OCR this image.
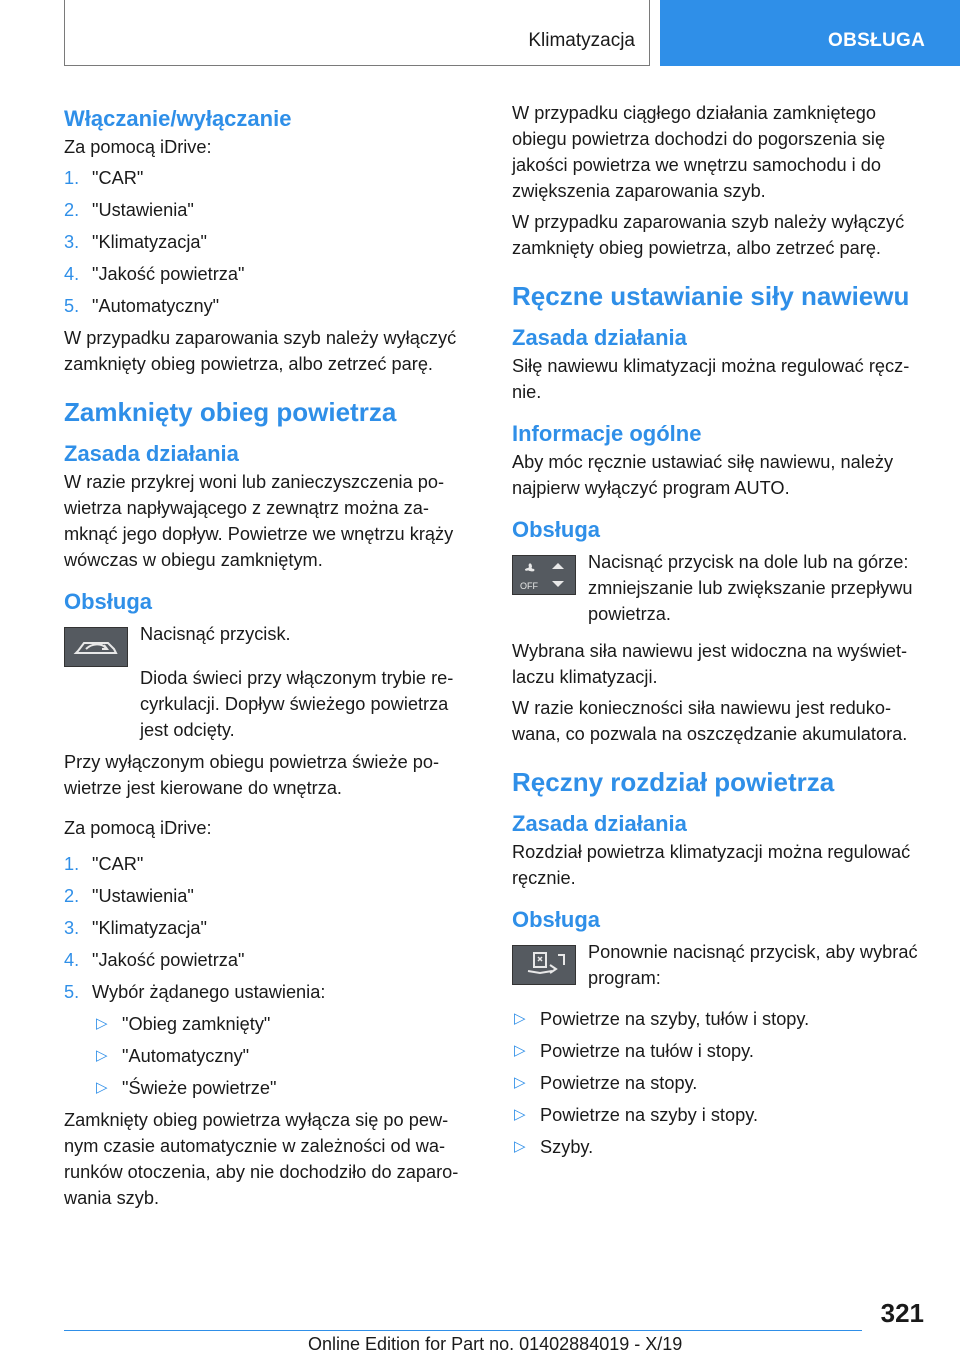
Klimatyzacja	OBSŁUGA
Włączanie/wyłączanie

Za pomocą iDrive:

1. "CAR"
2. "Ustawienia"
3. "Klimatyzacja"
4. "Jakość powietrza"
5. "Automatyczny"

W przypadku zaparowania szyb należy wyłączyć zamknięty obieg powietrza, albo zetrzeć parę.

Zamknięty obieg powietrza
Zasada działania

W razie przykrej woni lub zanieczyszczenia powietrza napływającego z zewnątrz można zamknąć jego dopływ. Powietrze we wnętrzu krąży wówczas w obiegu zamkniętym.

Obsługa

Nacisnąć przycisk.

Dioda świeci przy włączonym trybie recyrkulacji. Dopływ świeżego powietrza jest odcięty.

Przy wyłączonym obiegu powietrza świeże powietrze jest kierowane do wnętrza.

Za pomocą iDrive:

1. "CAR"
2. "Ustawienia"
3. "Klimatyzacja"
4. "Jakość powietrza"
5. Wybór żądanego ustawienia:
▷ "Obieg zamknięty"
▷ "Automatyczny"
▷ "Świeże powietrze"

Zamknięty obieg powietrza wyłącza się po pewnym czasie automatycznie w zależności od warunków otoczenia, aby nie dochodziło do zaparowania szyb.

W przypadku ciągłego działania zamkniętego obiegu powietrza dochodzi do pogorszenia się jakości powietrza we wnętrzu samochodu i do zwiększenia zaparowania szyb.

W przypadku zaparowania szyb należy wyłączyć zamknięty obieg powietrza, albo zetrzeć parę.

Ręczne ustawianie siły nawiewu
Zasada działania

Siłę nawiewu klimatyzacji można regulować ręcznie.

Informacje ogólne

Aby móc ręcznie ustawiać siłę nawiewu, należy najpierw wyłączyć program AUTO.

Obsługa
OFF

Nacisnąć przycisk na dole lub na górze: zmniejszanie lub zwiększanie przepływu powietrza.

Wybrana siła nawiewu jest widoczna na wyświetlaczu klimatyzacji.

W razie konieczności siła nawiewu jest redukowana, co pozwala na oszczędzanie akumulatora.

Ręczny rozdział powietrza
Zasada działania

Rozdział powietrza klimatyzacji można regulować ręcznie.

Obsługa

Ponownie nacisnąć przycisk, aby wybrać program:

▷ Powietrze na szyby, tułów i stopy.
▷ Powietrze na tułów i stopy.
▷ Powietrze na stopy.
▷ Powietrze na szyby i stopy.
▷ Szyby.
321
Online Edition for Part no. 01402884019 - X/19
